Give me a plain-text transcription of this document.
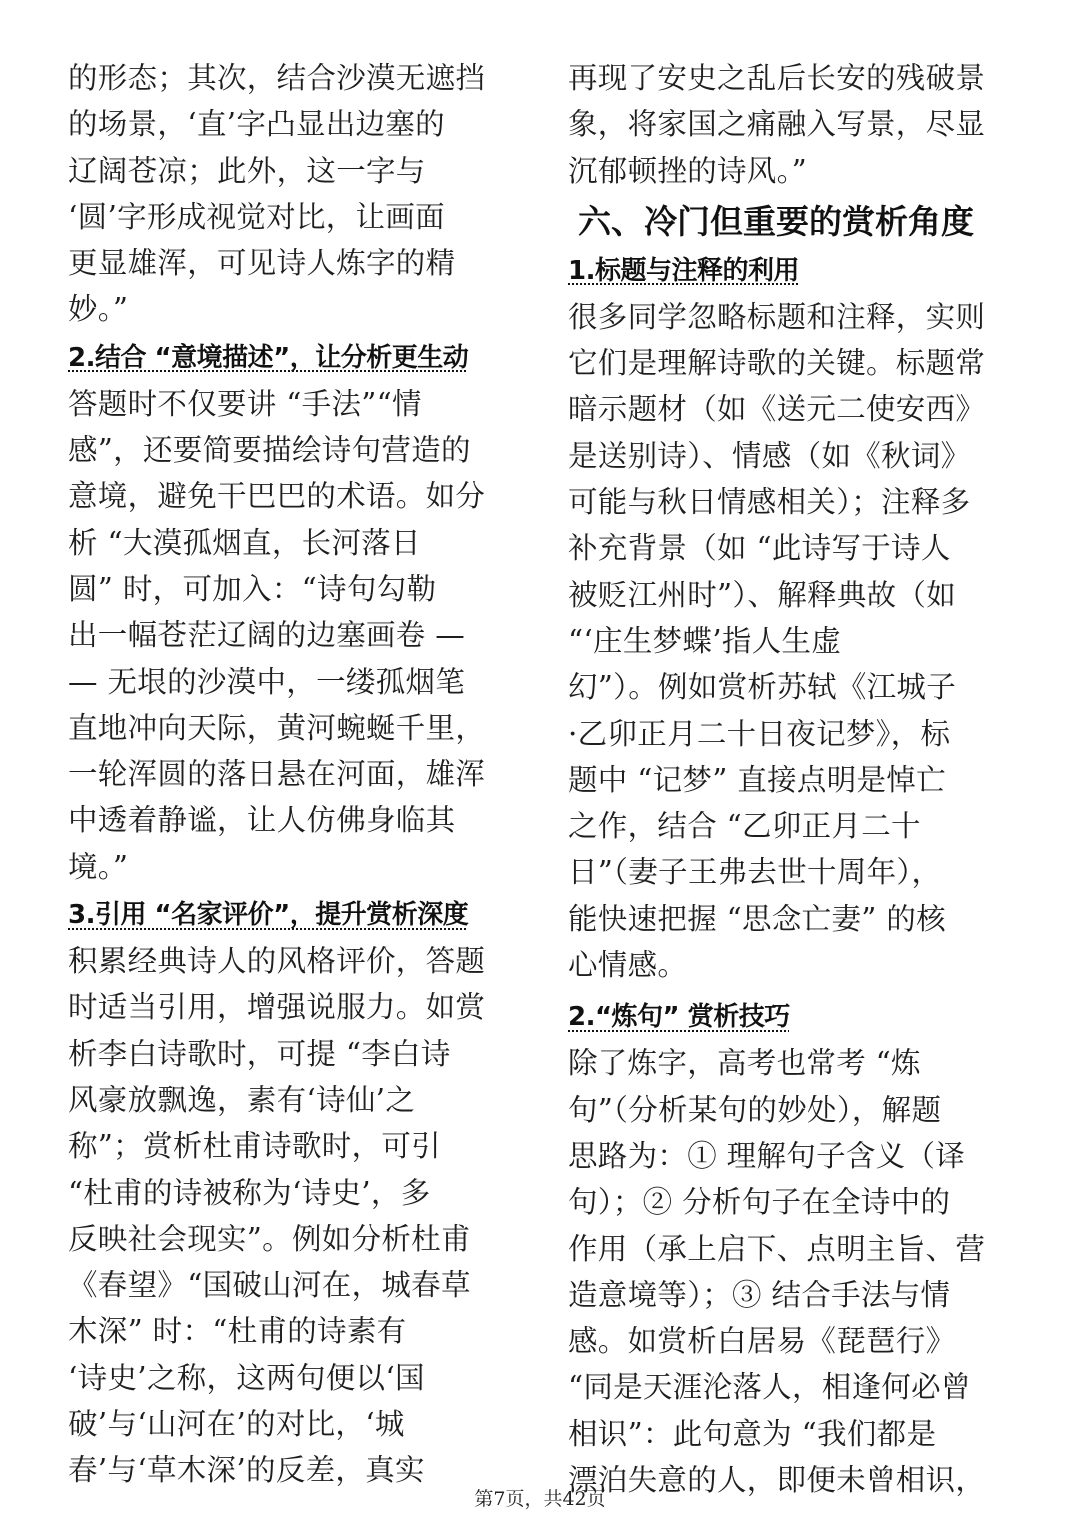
的形态；其次，结合沙漠无遮挡
的场景，‘直’字凸显出边塞的
辽阔苍凉；此外，这一字与
‘圆’字形成视觉对比，让画面
更显雄浑，可见诗人炼字的精
妙。”

2.结合 “意境描述”，让分析更生动

答题时不仅要讲 “手法”“情
感”，还要简要描绘诗句营造的
意境，避免干巴巴的术语。如分
析 “大漠孤烟直，长河落日
圆” 时，可加入：“诗句勾勒
出一幅苍茫辽阔的边塞画卷 —
— 无垠的沙漠中，一缕孤烟笔
直地冲向天际，黄河蜿蜒千里，
一轮浑圆的落日悬在河面，雄浑
中透着静谧，让人仿佛身临其
境。”

3.引用 “名家评价”，提升赏析深度

积累经典诗人的风格评价，答题
时适当引用，增强说服力。如赏
析李白诗歌时，可提 “李白诗
风豪放飘逸，素有‘诗仙’之
称”；赏析杜甫诗歌时，可引
“杜甫的诗被称为‘诗史’，多
反映社会现实”。例如分析杜甫
《春望》“国破山河在，城春草
木深” 时：“杜甫的诗素有
‘诗史’之称，这两句便以‘国
破’与‘山河在’的对比，‘城
春’与‘草木深’的反差，真实

再现了安史之乱后长安的残破景
象，将家国之痛融入写景，尽显
沉郁顿挫的诗风。”

六、冷门但重要的赏析角度
1.标题与注释的利用

很多同学忽略标题和注释，实则
它们是理解诗歌的关键。标题常
暗示题材（如《送元二使安西》
是送别诗）、情感（如《秋词》
可能与秋日情感相关）；注释多
补充背景（如 “此诗写于诗人
被贬江州时”）、解释典故（如
“‘庄生梦蝶’指人生虚
幻”）。例如赏析苏轼《江城子
·乙卯正月二十日夜记梦》，标
题中 “记梦” 直接点明是悼亡
之作，结合 “乙卯正月二十
日”（妻子王弗去世十周年），
能快速把握 “思念亡妻” 的核
心情感。

2.“炼句” 赏析技巧

除了炼字，高考也常考 “炼
句”（分析某句的妙处），解题
思路为：① 理解句子含义（译
句）；② 分析句子在全诗中的
作用（承上启下、点明主旨、营
造意境等）；③ 结合手法与情
感。如赏析白居易《琵琶行》
“同是天涯沦落人，相逢何必曾
相识”：此句意为 “我们都是
漂泊失意的人，即便未曾相识，

第7页，共42页
